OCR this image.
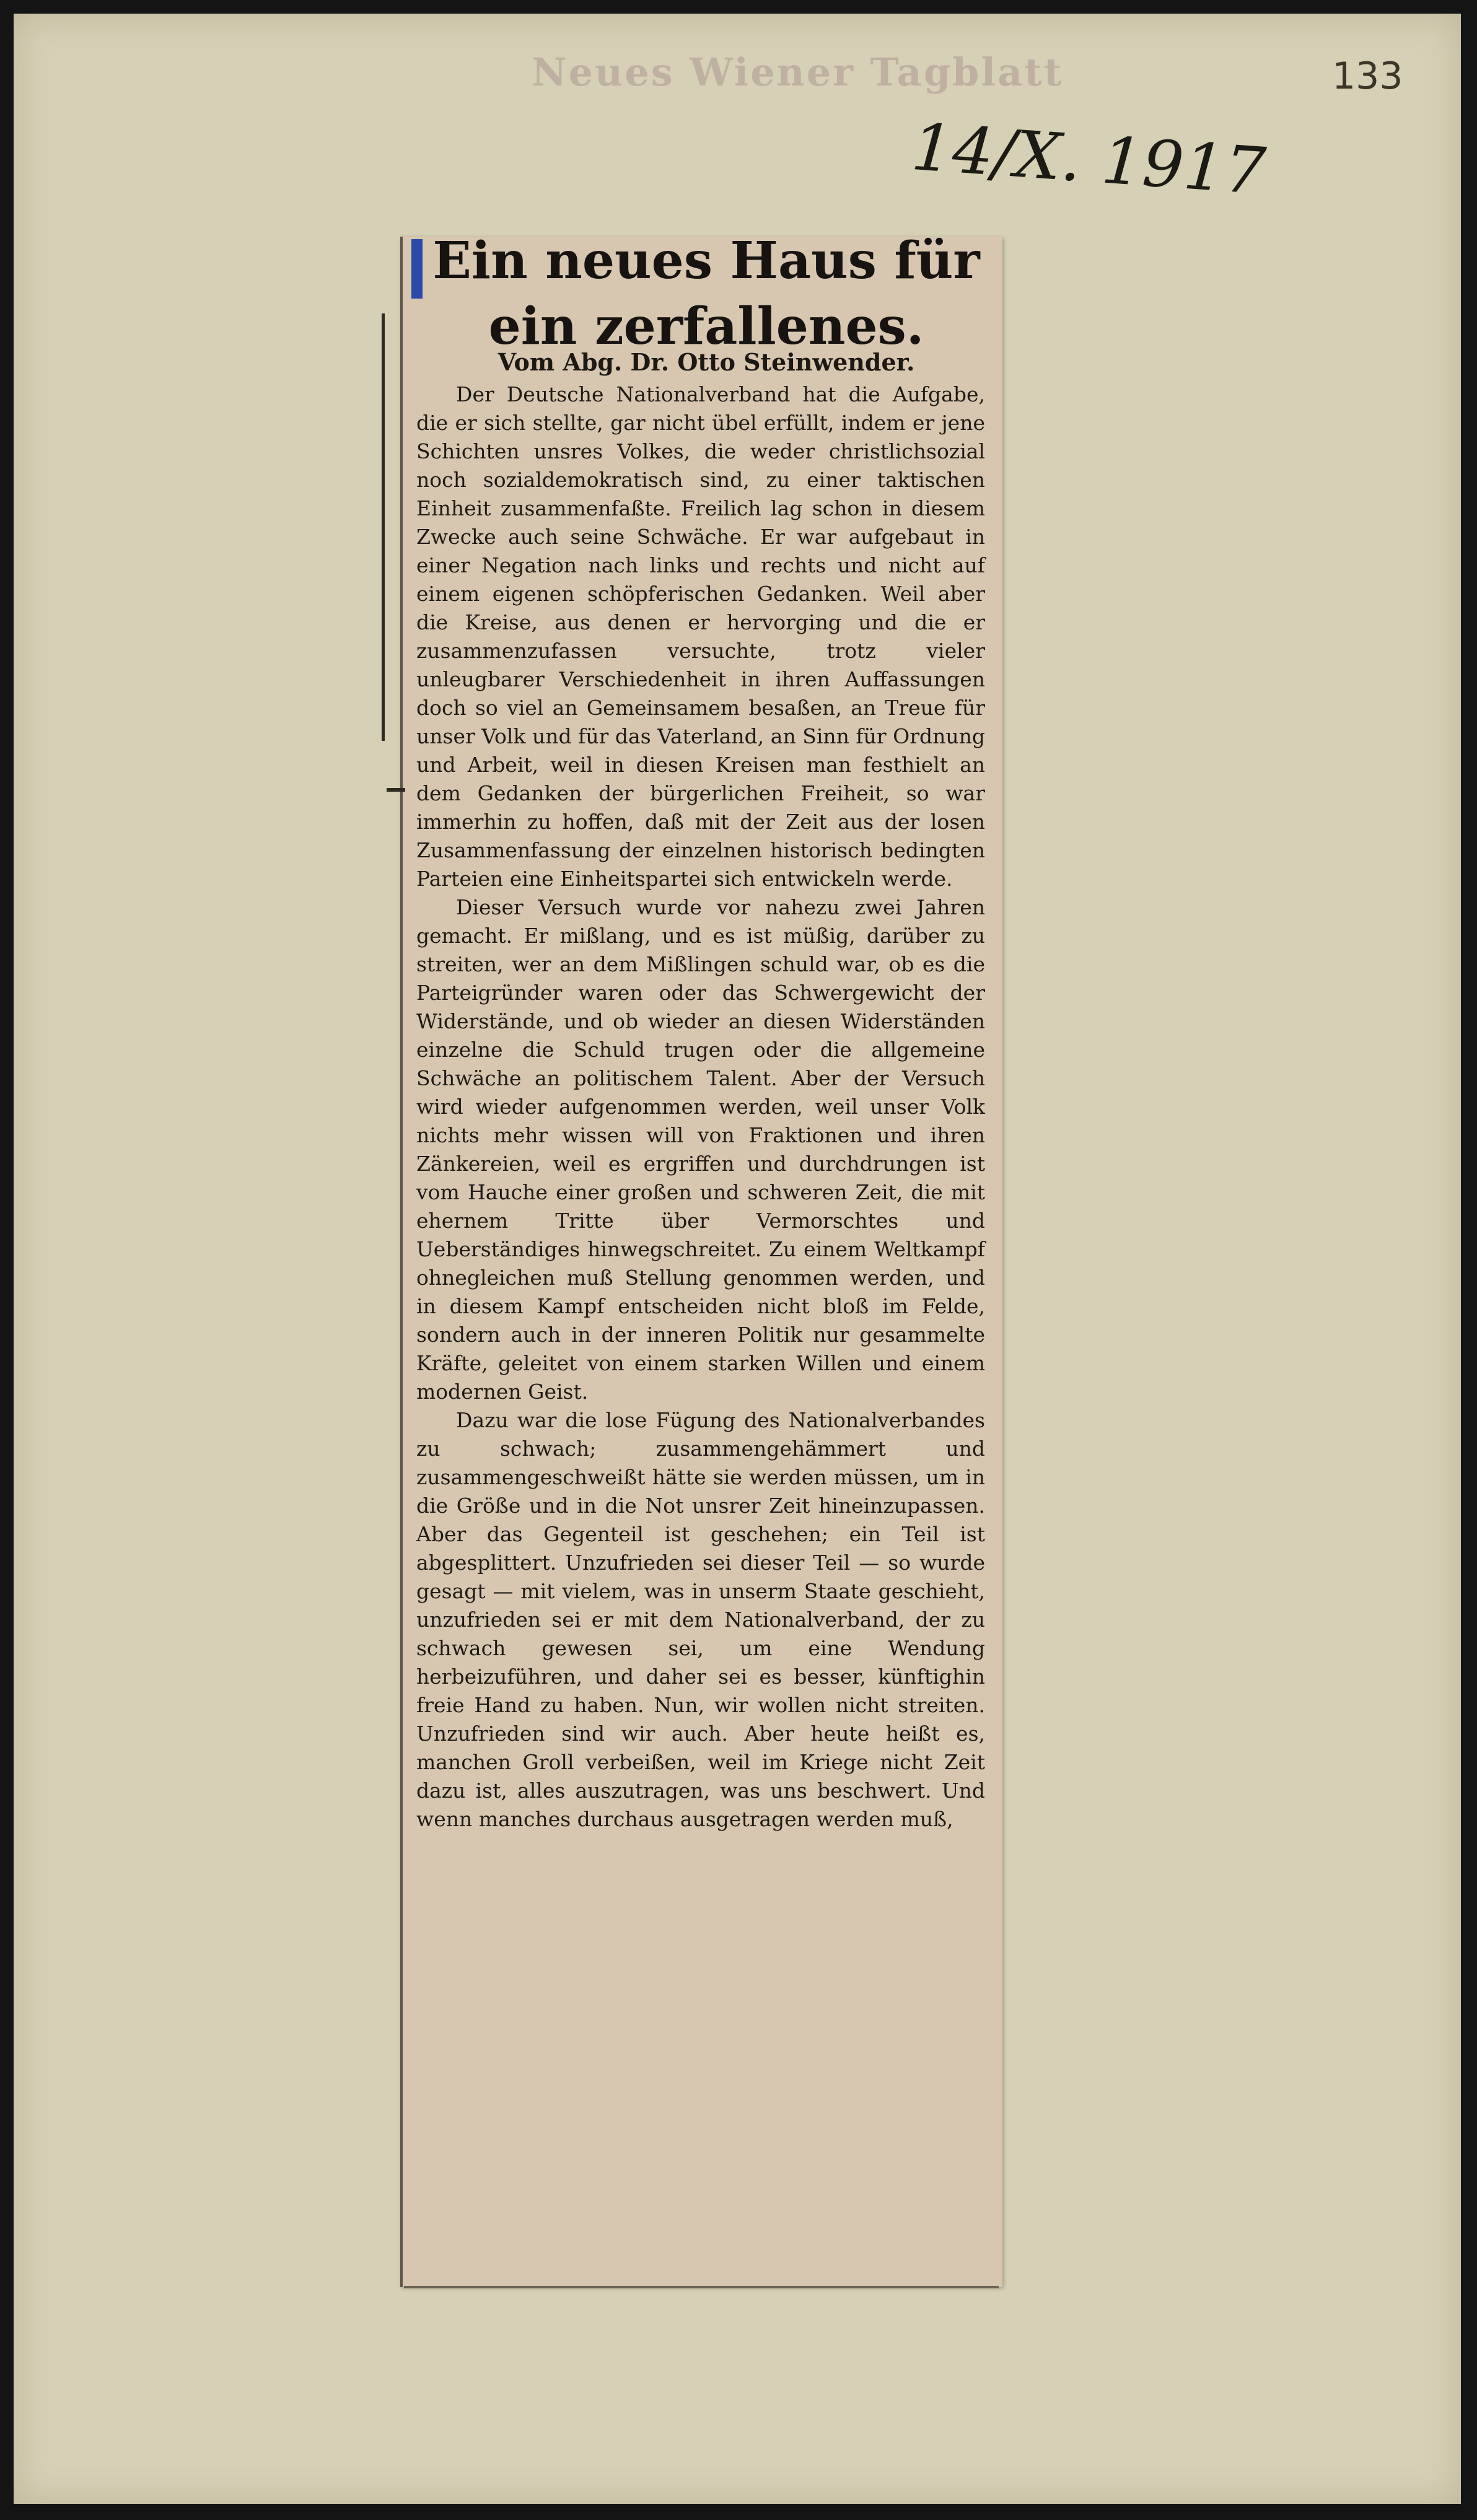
Neues Wiener Tagblatt	133

14/X. 1917

Ein neues Haus für ein zerfallenes.

Vom Abg. Dr. Otto Steinwender.

Der Deutsche Nationalverband hat die Aufgabe, die er sich stellte, gar nicht übel erfüllt, indem er jene Schichten unsres Volkes, die weder christlichsozial noch sozialdemokratisch sind, zu einer taktischen Einheit zusammenfaßte. Freilich lag schon in diesem Zwecke auch seine Schwäche. Er war aufgebaut in einer Negation nach links und rechts und nicht auf einem eigenen schöpferischen Gedanken. Weil aber die Kreise, aus denen er hervorging und die er zusammenzufassen versuchte, trotz vieler unleugbarer Verschiedenheit in ihren Auffassungen doch so viel an Gemeinsamem besaßen, an Treue für unser Volk und für das Vaterland, an Sinn für Ordnung und Arbeit, weil in diesen Kreisen man festhielt an dem Gedanken der bürgerlichen Freiheit, so war immerhin zu hoffen, daß mit der Zeit aus der losen Zusammenfassung der einzelnen historisch bedingten Parteien eine Einheitspartei sich entwickeln werde.

Dieser Versuch wurde vor nahezu zwei Jahren gemacht. Er mißlang, und es ist müßig, darüber zu streiten, wer an dem Mißlingen schuld war, ob es die Parteigründer waren oder das Schwergewicht der Widerstände, und ob wieder an diesen Widerständen einzelne die Schuld trugen oder die allgemeine Schwäche an politischem Talent. Aber der Versuch wird wieder aufgenommen werden, weil unser Volk nichts mehr wissen will von Fraktionen und ihren Zänkereien, weil es ergriffen und durchdrungen ist vom Hauche einer großen und schweren Zeit, die mit ehernem Tritte über Vermorschtes und Ueberständiges hinwegschreitet. Zu einem Weltkampf ohnegleichen muß Stellung genommen werden, und in diesem Kampf entscheiden nicht bloß im Felde, sondern auch in der inneren Politik nur gesammelte Kräfte, geleitet von einem starken Willen und einem modernen Geist.

Dazu war die lose Fügung des Nationalverbandes zu schwach; zusammengehämmert und zusammengeschweißt hätte sie werden müssen, um in die Größe und in die Not unsrer Zeit hineinzupassen. Aber das Gegenteil ist geschehen; ein Teil ist abgesplittert. Unzufrieden sei dieser Teil — so wurde gesagt — mit vielem, was in unserm Staate geschieht, unzufrieden sei er mit dem Nationalverband, der zu schwach gewesen sei, um eine Wendung herbeizuführen, und daher sei es besser, künftighin freie Hand zu haben. Nun, wir wollen nicht streiten. Unzufrieden sind wir auch. Aber heute heißt es, manchen Groll verbeißen, weil im Kriege nicht Zeit dazu ist, alles auszutragen, was uns beschwert. Und wenn manches durchaus ausgetragen werden muß,
